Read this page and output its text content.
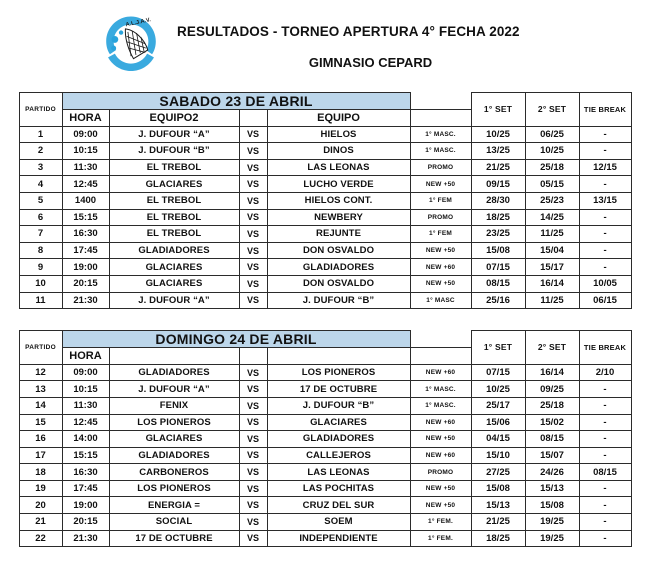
A.L.J.A.V.
RESULTADOS - TORNEO APERTURA 4° FECHA 2022
GIMNASIO CEPARD
PARTIDO	SABADO 23 DE ABRIL					1° SET	2° SET	TIE BREAK
	HORA	EQUIPO2		EQUIPO				
1	09:00	J. DUFOUR “A”	VS	HIELOS	1° MASC.	10/25	06/25	-
2	10:15	J. DUFOUR “B”	VS	DINOS	1° MASC.	13/25	10/25	-
3	11:30	EL TREBOL	VS	LAS LEONAS	PROMO	21/25	25/18	12/15
4	12:45	GLACIARES	VS	LUCHO VERDE	NEW +50	09/15	05/15	-
5	1400	EL TREBOL	VS	HIELOS CONT.	1° FEM	28/30	25/23	13/15
6	15:15	EL TREBOL	VS	NEWBERY	PROMO	18/25	14/25	-
7	16:30	EL TREBOL	VS	REJUNTE	1° FEM	23/25	11/25	-
8	17:45	GLADIADORES	VS	DON OSVALDO	NEW +50	15/08	15/04	-
9	19:00	GLACIARES	VS	GLADIADORES	NEW +60	07/15	15/17	-
10	20:15	GLACIARES	VS	DON OSVALDO	NEW +50	08/15	16/14	10/05
11	21:30	J. DUFOUR “A”	VS	J. DUFOUR “B”	1° MASC	25/16	11/25	06/15
PARTIDO	DOMINGO 24 DE ABRIL					1° SET	2° SET	TIE BREAK
	HORA							
12	09:00	GLADIADORES	VS	LOS PIONEROS	NEW +60	07/15	16/14	2/10
13	10:15	J. DUFOUR “A”	VS	17 DE OCTUBRE	1° MASC.	10/25	09/25	-
14	11:30	FENIX	VS	J. DUFOUR “B”	1° MASC.	25/17	25/18	-
15	12:45	LOS PIONEROS	VS	GLACIARES	NEW +60	15/06	15/02	-
16	14:00	GLACIARES	VS	GLADIADORES	NEW +50	04/15	08/15	-
17	15:15	GLADIADORES	VS	CALLEJEROS	NEW +60	15/10	15/07	-
18	16:30	CARBONEROS	VS	LAS LEONAS	PROMO	27/25	24/26	08/15
19	17:45	LOS PIONEROS	VS	LAS POCHITAS	NEW +50	15/08	15/13	-
20	19:00	ENERGIA =	VS	CRUZ DEL SUR	NEW +50	15/13	15/08	-
21	20:15	SOCIAL	VS	SOEM	1° FEM.	21/25	19/25	-
22	21:30	17 DE OCTUBRE	VS	INDEPENDIENTE	1° FEM.	18/25	19/25	-
